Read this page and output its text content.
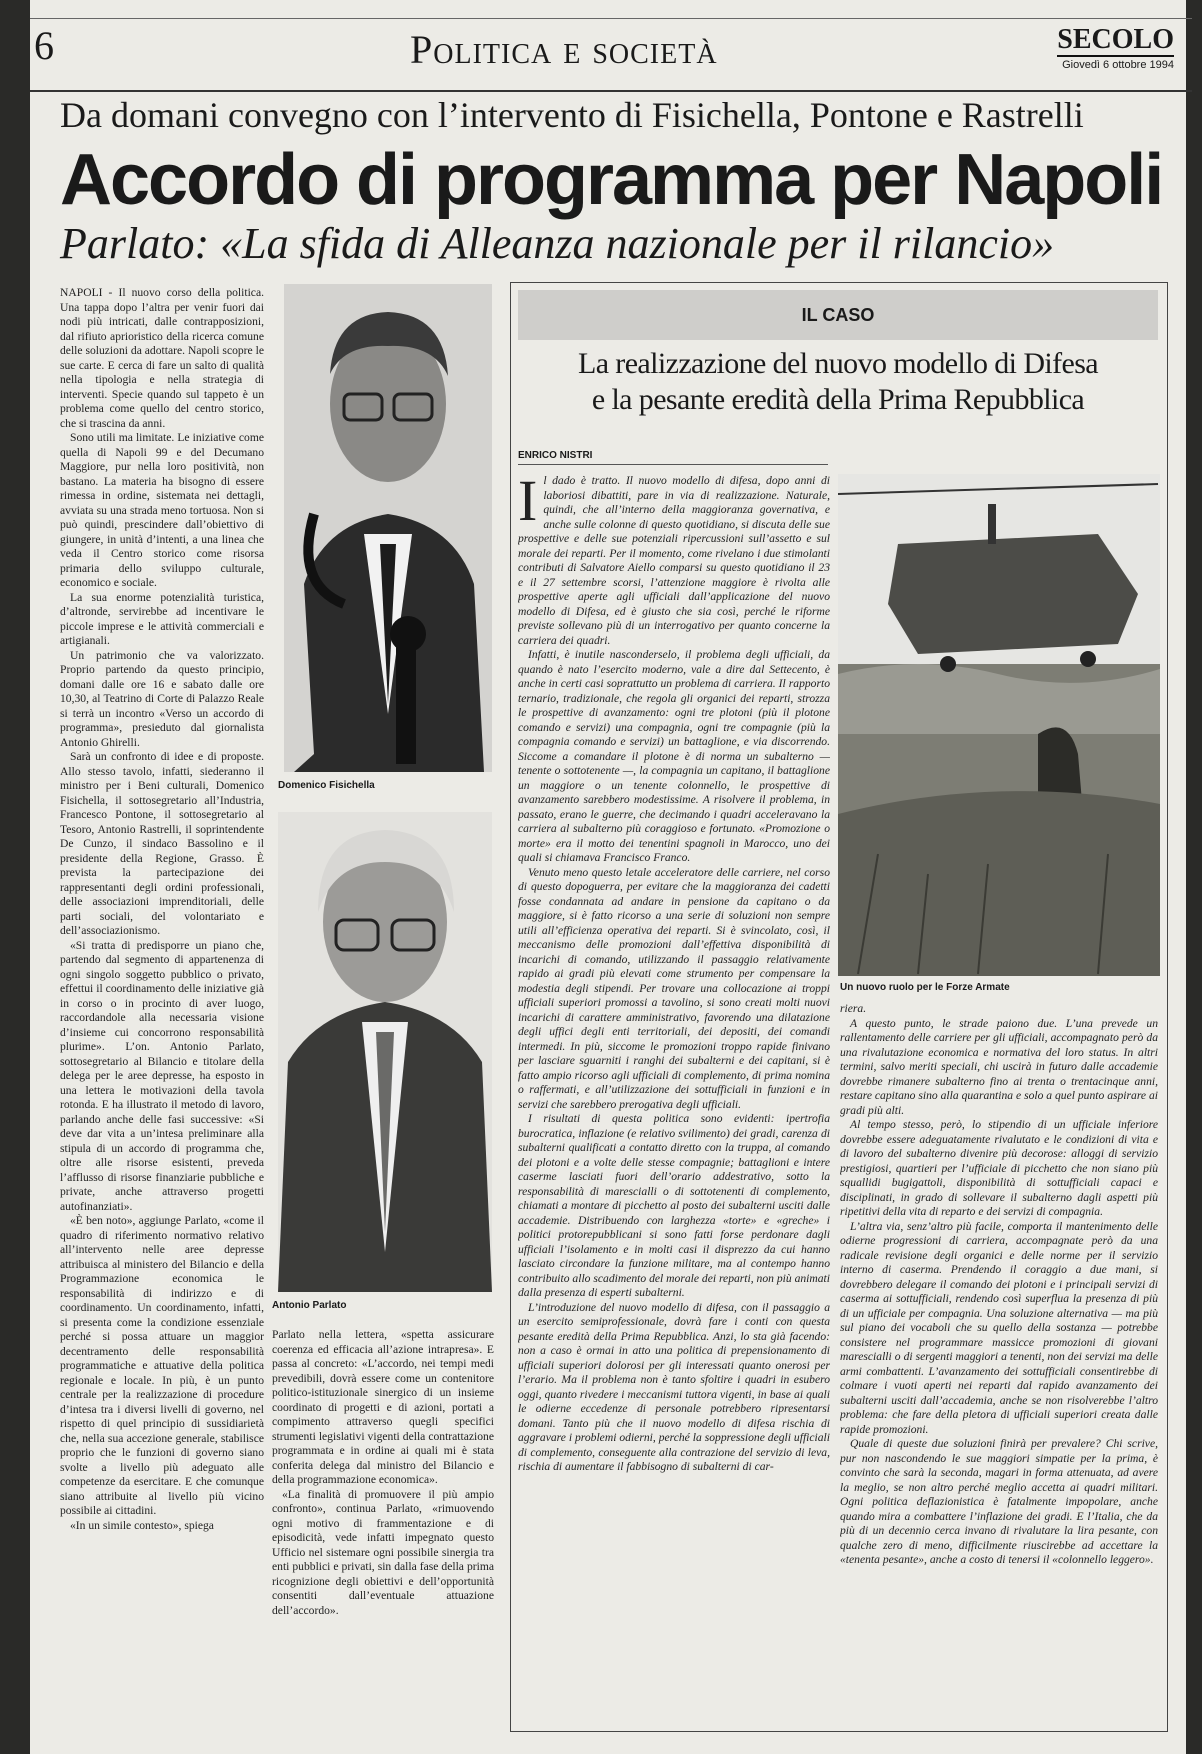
6	Politica e società	SECOLO
Giovedì 6 ottobre 1994
Da domani convegno con l’intervento di Fisichella, Pontone e Rastrelli
Accordo di programma per Napoli
Parlato: «La sfida di Alleanza nazionale per il rilancio»

NAPOLI - Il nuovo corso della politica. Una tappa dopo l’altra per venir fuori dai nodi più intricati, dalle contrapposizioni, dal rifiuto aprioristico della ricerca comune delle soluzioni da adottare. Napoli scopre le sue carte. E cerca di fare un salto di qualità nella tipologia e nella strategia di interventi. Specie quando sul tappeto è un problema come quello del centro storico, che si trascina da anni.

Sono utili ma limitate. Le iniziative come quella di Napoli 99 e del Decumano Maggiore, pur nella loro positività, non bastano. La materia ha bisogno di essere rimessa in ordine, sistemata nei dettagli, avviata su una strada meno tortuosa. Non si può quindi, prescindere dall’obiettivo di giungere, in unità d’intenti, a una linea che veda il Centro storico come risorsa primaria dello sviluppo culturale, economico e sociale.

La sua enorme potenzialità turistica, d’altronde, servirebbe ad incentivare le piccole imprese e le attività commerciali e artigianali.

Un patrimonio che va valorizzato. Proprio partendo da questo principio, domani dalle ore 16 e sabato dalle ore 10,30, al Teatrino di Corte di Palazzo Reale si terrà un incontro «Verso un accordo di programma», presieduto dal giornalista Antonio Ghirelli.

Sarà un confronto di idee e di proposte. Allo stesso tavolo, infatti, siederanno il ministro per i Beni culturali, Domenico Fisichella, il sottosegretario all’Industria, Francesco Pontone, il sottosegretario al Tesoro, Antonio Rastrelli, il soprintendente De Cunzo, il sindaco Bassolino e il presidente della Regione, Grasso. È prevista la partecipazione dei rappresentanti degli ordini professionali, delle associazioni imprenditoriali, delle parti sociali, del volontariato e dell’associazionismo.

«Si tratta di predisporre un piano che, partendo dal segmento di appartenenza di ogni singolo soggetto pubblico o privato, effettui il coordinamento delle iniziative già in corso o in procinto di aver luogo, raccordandole alla necessaria visione d’insieme cui concorrono responsabilità plurime». L’on. Antonio Parlato, sottosegretario al Bilancio e titolare della delega per le aree depresse, ha esposto in una lettera le motivazioni della tavola rotonda. E ha illustrato il metodo di lavoro, parlando anche delle fasi successive: «Si deve dar vita a un’intesa preliminare alla stipula di un accordo di programma che, oltre alle risorse esistenti, preveda l’afflusso di risorse finanziarie pubbliche e private, anche attraverso progetti autofinanziati».

«È ben noto», aggiunge Parlato, «come il quadro di riferimento normativo relativo all’intervento nelle aree depresse attribuisca al ministero del Bilancio e della Programmazione economica le responsabilità di indirizzo e di coordinamento. Un coordinamento, infatti, si presenta come la condizione essenziale perché si possa attuare un maggior decentramento delle responsabilità programmatiche e attuative della politica regionale e locale. In più, è un punto centrale per la realizzazione di procedure d’intesa tra i diversi livelli di governo, nel rispetto di quel principio di sussidiarietà che, nella sua accezione generale, stabilisce proprio che le funzioni di governo siano svolte a livello più adeguato alle competenze da esercitare. E che comunque siano attribuite al livello più vicino possibile ai cittadini.

«In un simile contesto», spiega

Domenico Fisichella
Antonio Parlato

Parlato nella lettera, «spetta assicurare coerenza ed efficacia all’azione intrapresa». E passa al concreto: «L’accordo, nei tempi medi prevedibili, dovrà essere come un contenitore politico-istituzionale sinergico di un insieme coordinato di progetti e di azioni, portati a compimento attraverso quegli specifici strumenti legislativi vigenti della contrattazione programmata e in ordine ai quali mi è stata conferita delega dal ministro del Bilancio e della programmazione economica».

«La finalità di promuovere il più ampio confronto», continua Parlato, «rimuovendo ogni motivo di frammentazione e di episodicità, vede infatti impegnato questo Ufficio nel sistemare ogni possibile sinergia tra enti pubblici e privati, sin dalla fase della prima ricognizione degli obiettivi e dell’opportunità consentiti dall’eventuale attuazione dell’accordo».

IL CASO
La realizzazione del nuovo modello di Difesa
e la pesante eredità della Prima Repubblica
ENRICO NISTRI

Il dado è tratto. Il nuovo modello di difesa, dopo anni di laboriosi dibattiti, pare in via di realizzazione. Naturale, quindi, che all’interno della maggioranza governativa, e anche sulle colonne di questo quotidiano, si discuta delle sue prospettive e delle sue potenziali ripercussioni sull’assetto e sul morale dei reparti. Per il momento, come rivelano i due stimolanti contributi di Salvatore Aiello comparsi su questo quotidiano il 23 e il 27 settembre scorsi, l’attenzione maggiore è rivolta alle prospettive aperte agli ufficiali dall’applicazione del nuovo modello di Difesa, ed è giusto che sia così, perché le riforme previste sollevano più di un interrogativo per quanto concerne la carriera dei quadri.

Infatti, è inutile nasconderselo, il problema degli ufficiali, da quando è nato l’esercito moderno, vale a dire dal Settecento, è anche in certi casi soprattutto un problema di carriera. Il rapporto ternario, tradizionale, che regola gli organici dei reparti, strozza le prospettive di avanzamento: ogni tre plotoni (più il plotone comando e servizi) una compagnia, ogni tre compagnie (più la compagnia comando e servizi) un battaglione, e via discorrendo. Siccome a comandare il plotone è di norma un subalterno — tenente o sottotenente —, la compagnia un capitano, il battaglione un maggiore o un tenente colonnello, le prospettive di avanzamento sarebbero modestissime. A risolvere il problema, in passato, erano le guerre, che decimando i quadri acceleravano la carriera al subalterno più coraggioso e fortunato. «Promozione o morte» era il motto dei tenentini spagnoli in Marocco, uno dei quali si chiamava Francisco Franco.

Venuto meno questo letale acceleratore delle carriere, nel corso di questo dopoguerra, per evitare che la maggioranza dei cadetti fosse condannata ad andare in pensione da capitano o da maggiore, si è fatto ricorso a una serie di soluzioni non sempre utili all’efficienza operativa dei reparti. Si è svincolato, così, il meccanismo delle promozioni dall’effettiva disponibilità di incarichi di comando, utilizzando il passaggio relativamente rapido ai gradi più elevati come strumento per compensare la modestia degli stipendi. Per trovare una collocazione ai troppi ufficiali superiori promossi a tavolino, si sono creati molti nuovi incarichi di carattere amministrativo, favorendo una dilatazione degli uffici degli enti territoriali, dei depositi, dei comandi intermedi. In più, siccome le promozioni troppo rapide finivano per lasciare sguarniti i ranghi dei subalterni e dei capitani, si è fatto ampio ricorso agli ufficiali di complemento, di prima nomina o raffermati, e all’utilizzazione dei sottufficiali in funzioni e in servizi che sarebbero prerogativa degli ufficiali.

I risultati di questa politica sono evidenti: ipertrofia burocratica, inflazione (e relativo svilimento) dei gradi, carenza di subalterni qualificati a contatto diretto con la truppa, al comando dei plotoni e a volte delle stesse compagnie; battaglioni e intere caserme lasciati fuori dell’orario addestrativo, sotto la responsabilità di marescialli o di sottotenenti di complemento, chiamati a montare di picchetto al posto dei subalterni usciti dalle accademie. Distribuendo con larghezza «torte» e «greche» i politici protorepubblicani si sono fatti forse perdonare dagli ufficiali l’isolamento e in molti casi il disprezzo da cui hanno lasciato circondare la funzione militare, ma al contempo hanno contribuito allo scadimento del morale dei reparti, non più animati dalla presenza di esperti subalterni.

L’introduzione del nuovo modello di difesa, con il passaggio a un esercito semiprofessionale, dovrà fare i conti con questa pesante eredità della Prima Repubblica. Anzi, lo sta già facendo: non a caso è ormai in atto una politica di prepensionamento di ufficiali superiori dolorosi per gli interessati quanto onerosi per l’erario. Ma il problema non è tanto sfoltire i quadri in esubero oggi, quanto rivedere i meccanismi tuttora vigenti, in base ai quali le odierne eccedenze di personale potrebbero ripresentarsi domani. Tanto più che il nuovo modello di difesa rischia di aggravare i problemi odierni, perché la soppressione degli ufficiali di complemento, conseguente alla contrazione del servizio di leva, rischia di aumentare il fabbisogno di subalterni di car-

Un nuovo ruolo per le Forze Armate

riera.

A questo punto, le strade paiono due. L’una prevede un rallentamento delle carriere per gli ufficiali, accompagnato però da una rivalutazione economica e normativa del loro status. In altri termini, salvo meriti speciali, chi uscirà in futuro dalle accademie dovrebbe rimanere subalterno fino ai trenta o trentacinque anni, restare capitano sino alla quarantina e solo a quel punto aspirare ai gradi più alti.

Al tempo stesso, però, lo stipendio di un ufficiale inferiore dovrebbe essere adeguatamente rivalutato e le condizioni di vita e di lavoro del subalterno divenire più decorose: alloggi di servizio prestigiosi, quartieri per l’ufficiale di picchetto che non siano più squallidi bugigattoli, disponibilità di sottufficiali capaci e disciplinati, in grado di sollevare il subalterno dagli aspetti più ripetitivi della vita di reparto e dei servizi di compagnia.

L’altra via, senz’altro più facile, comporta il mantenimento delle odierne progressioni di carriera, accompagnate però da una radicale revisione degli organici e delle norme per il servizio interno di caserma. Prendendo il coraggio a due mani, si dovrebbero delegare il comando dei plotoni e i principali servizi di caserma ai sottufficiali, rendendo così superflua la presenza di più di un ufficiale per compagnia. Una soluzione alternativa — ma più sul piano dei vocaboli che su quello della sostanza — potrebbe consistere nel programmare massicce promozioni di giovani marescialli o di sergenti maggiori a tenenti, non dei servizi ma delle armi combattenti. L’avanzamento dei sottufficiali consentirebbe di colmare i vuoti aperti nei reparti dal rapido avanzamento dei subalterni usciti dall’accademia, anche se non risolverebbe l’altro problema: che fare della pletora di ufficiali superiori creata dalle rapide promozioni.

Quale di queste due soluzioni finirà per prevalere? Chi scrive, pur non nascondendo le sue maggiori simpatie per la prima, è convinto che sarà la seconda, magari in forma attenuata, ad avere la meglio, se non altro perché meglio accetta ai quadri militari. Ogni politica deflazionistica è fatalmente impopolare, anche quando mira a combattere l’inflazione dei gradi. E l’Italia, che da più di un decennio cerca invano di rivalutare la lira pesante, con qualche zero di meno, difficilmente riuscirebbe ad accettare la «tenenta pesante», anche a costo di tenersi il «colonnello leggero».
